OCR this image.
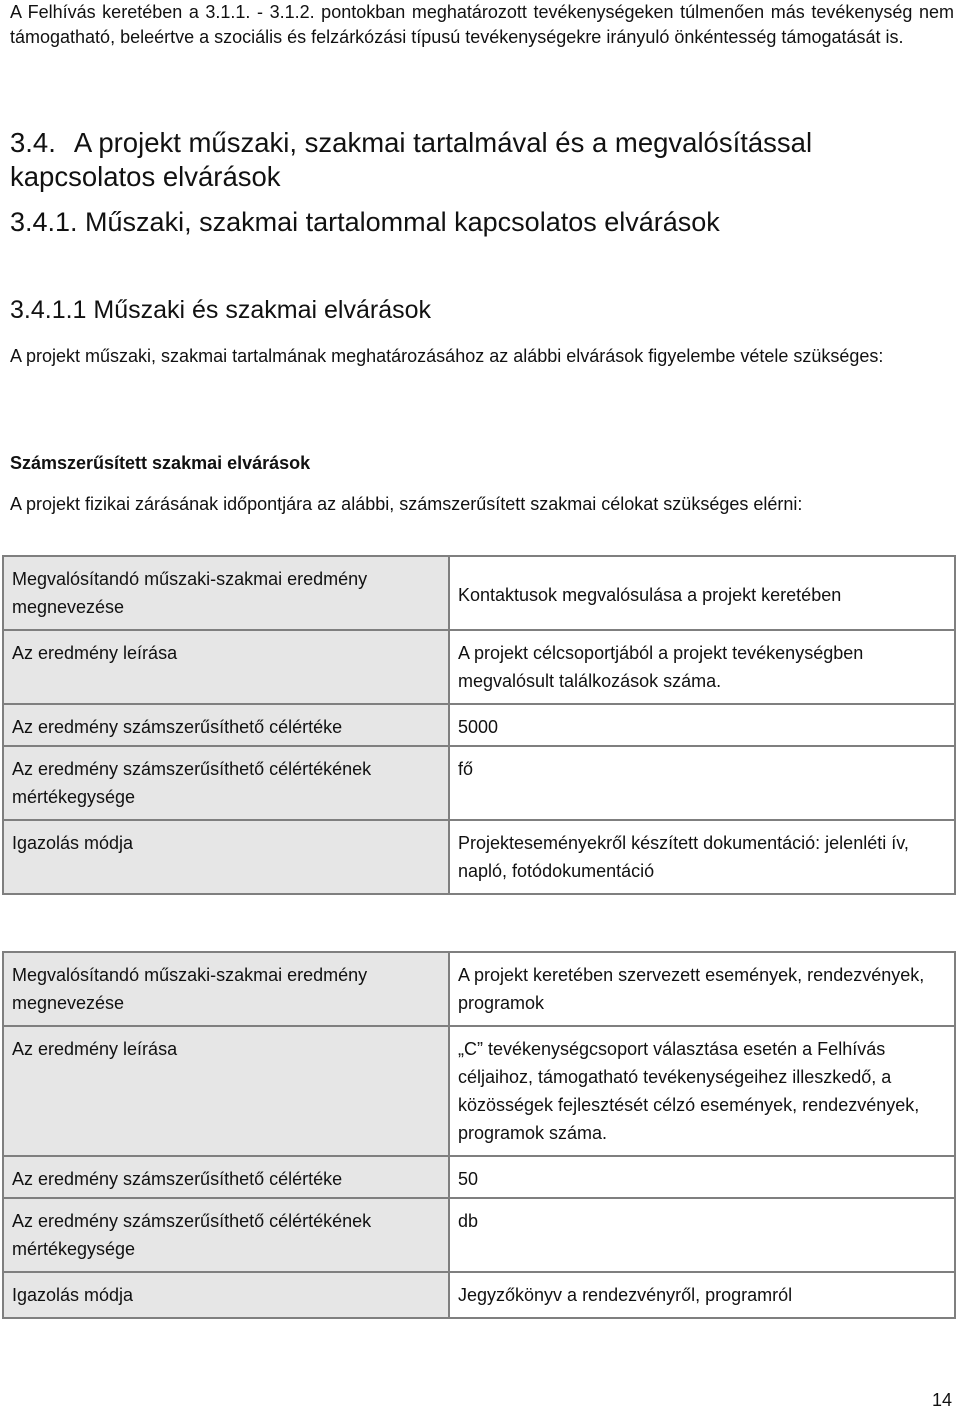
A Felhívás keretében a 3.1.1. - 3.1.2. pontokban meghatározott tevékenységeken túlmenően más tevékenység nem támogatható, beleértve a szociális és felzárkózási típusú tevékenységekre irányuló önkéntesség támogatását is.

3.4. A projekt műszaki, szakmai tartalmával és a megvalósítással kapcsolatos elvárások
3.4.1. Műszaki, szakmai tartalommal kapcsolatos elvárások
3.4.1.1 Műszaki és szakmai elvárások

A projekt műszaki, szakmai tartalmának meghatározásához az alábbi elvárások figyelembe vétele szükséges:

Számszerűsített szakmai elvárások

A projekt fizikai zárásának időpontjára az alábbi, számszerűsített szakmai célokat szükséges elérni:

Megvalósítandó műszaki-szakmai eredmény megnevezése	Kontaktusok megvalósulása a projekt keretében
Az eredmény leírása	A projekt célcsoportjából a projekt tevékenységben megvalósult találkozások száma.
Az eredmény számszerűsíthető célértéke	5000
Az eredmény számszerűsíthető célértékének mértékegysége	fő
Igazolás módja	Projekteseményekről készített dokumentáció: jelenléti ív, napló, fotódokumentáció
Megvalósítandó műszaki-szakmai eredmény megnevezése	A projekt keretében szervezett események, rendezvények, programok
Az eredmény leírása	„C” tevékenységcsoport választása esetén a Felhívás céljaihoz, támogatható tevékenységeihez illeszkedő, a közösségek fejlesztését célzó események, rendezvények, programok száma.
Az eredmény számszerűsíthető célértéke	50
Az eredmény számszerűsíthető célértékének mértékegysége	db
Igazolás módja	Jegyzőkönyv a rendezvényről, programról
14
